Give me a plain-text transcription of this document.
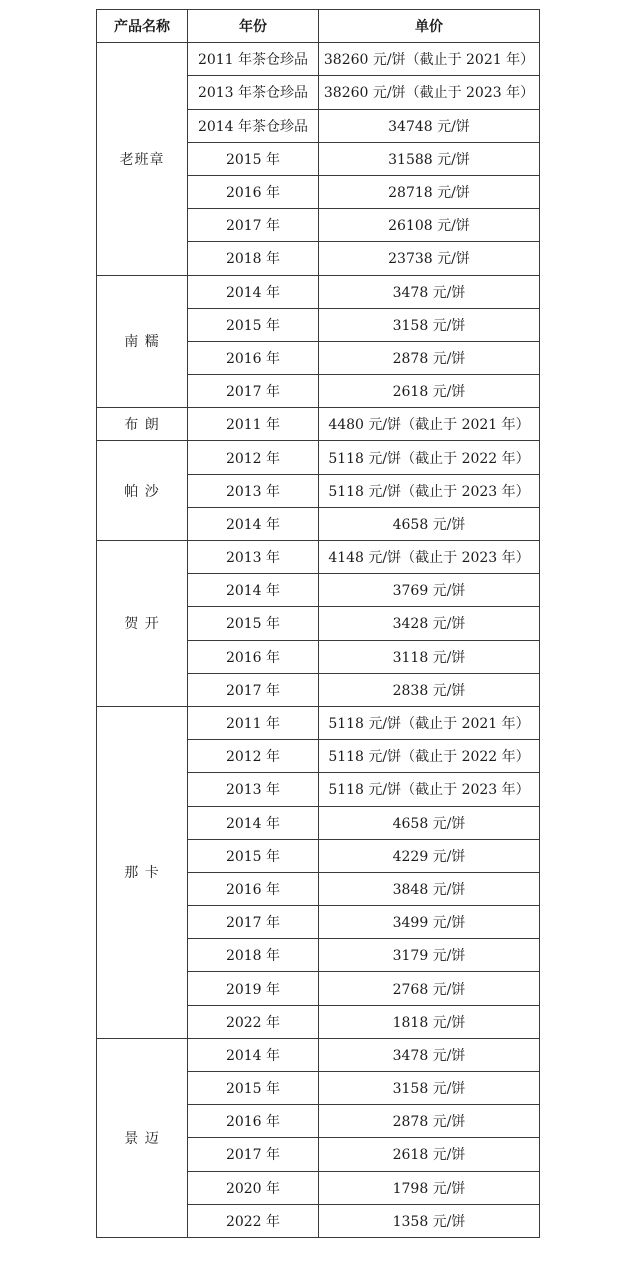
产品名称	年份	单价
老班章	2011 年茶仓珍品	38260 元/饼（截止于 2021 年）
	2013 年茶仓珍品	38260 元/饼（截止于 2023 年）
	2014 年茶仓珍品	34748 元/饼
	2015 年	31588 元/饼
	2016 年	28718 元/饼
	2017 年	26108 元/饼
	2018 年	23738 元/饼
南 糯	2014 年	3478 元/饼
	2015 年	3158 元/饼
	2016 年	2878 元/饼
	2017 年	2618 元/饼
布 朗	2011 年	4480 元/饼（截止于 2021 年）
帕 沙	2012 年	5118 元/饼（截止于 2022 年）
	2013 年	5118 元/饼（截止于 2023 年）
	2014 年	4658 元/饼
贺 开	2013 年	4148 元/饼（截止于 2023 年）
	2014 年	3769 元/饼
	2015 年	3428 元/饼
	2016 年	3118 元/饼
	2017 年	2838 元/饼
那 卡	2011 年	5118 元/饼（截止于 2021 年）
	2012 年	5118 元/饼（截止于 2022 年）
	2013 年	5118 元/饼（截止于 2023 年）
	2014 年	4658 元/饼
	2015 年	4229 元/饼
	2016 年	3848 元/饼
	2017 年	3499 元/饼
	2018 年	3179 元/饼
	2019 年	2768 元/饼
	2022 年	1818 元/饼
景 迈	2014 年	3478 元/饼
	2015 年	3158 元/饼
	2016 年	2878 元/饼
	2017 年	2618 元/饼
	2020 年	1798 元/饼
	2022 年	1358 元/饼
